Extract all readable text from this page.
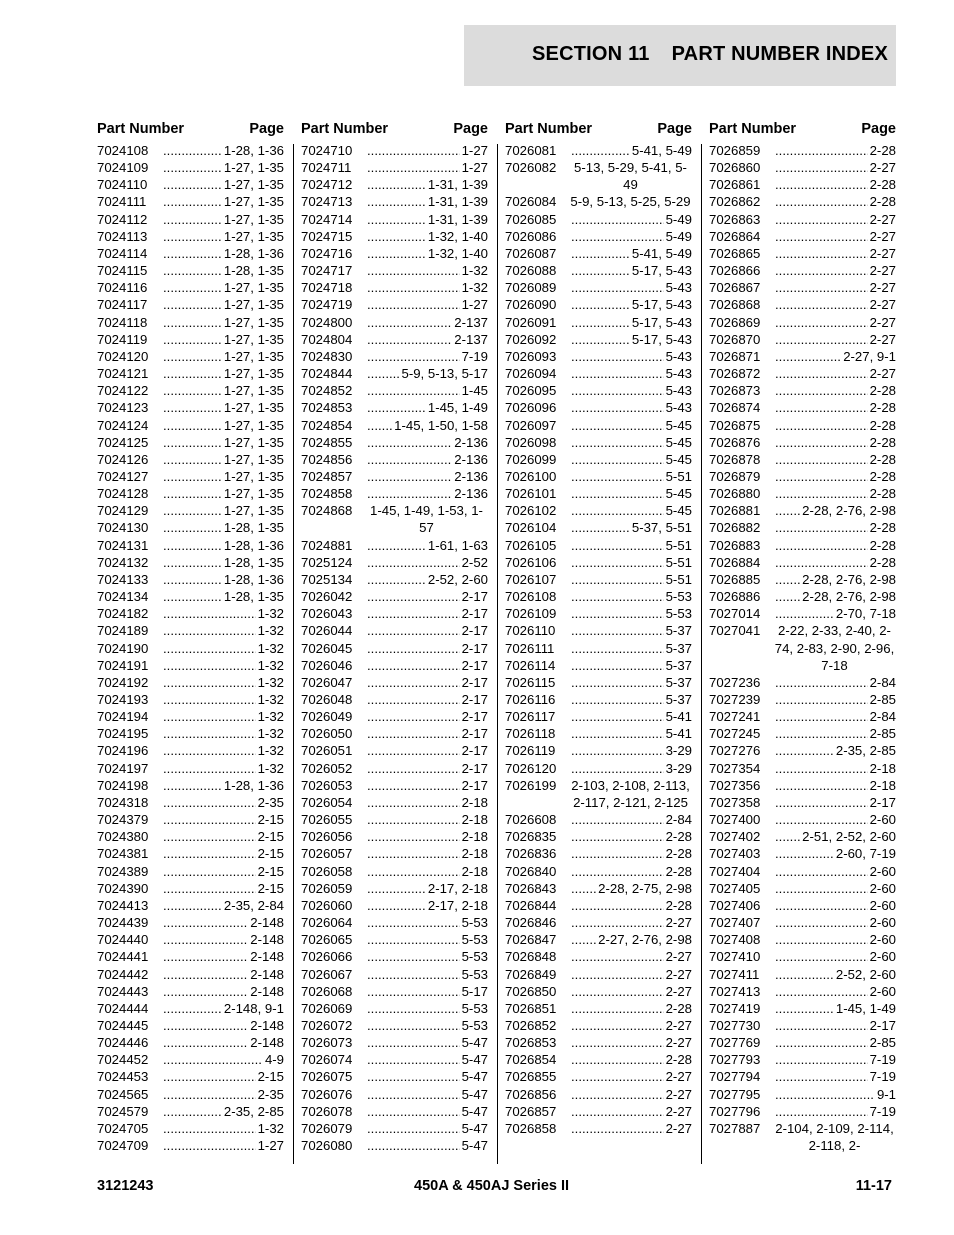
SECTION 11 PART NUMBER INDEX
Part Number	Page
7024108	..... 1-28, 1-36
7024109	..... 1-27, 1-35
7024110	..... 1-27, 1-35
7024111	..... 1-27, 1-35
7024112	..... 1-27, 1-35
7024113	..... 1-27, 1-35
7024114	..... 1-28, 1-36
7024115	..... 1-28, 1-35
7024116	..... 1-27, 1-35
7024117	..... 1-27, 1-35
7024118	..... 1-27, 1-35
7024119	..... 1-27, 1-35
7024120	..... 1-27, 1-35
7024121	..... 1-27, 1-35
7024122	..... 1-27, 1-35
7024123	..... 1-27, 1-35
7024124	..... 1-27, 1-35
7024125	..... 1-27, 1-35
7024126	..... 1-27, 1-35
7024127	..... 1-27, 1-35
7024128	..... 1-27, 1-35
7024129	..... 1-27, 1-35
7024130	..... 1-28, 1-35
7024131	..... 1-28, 1-36
7024132	..... 1-28, 1-35
7024133	..... 1-28, 1-36
7024134	..... 1-28, 1-35
7024182	..... 1-32
7024189	..... 1-32
7024190	..... 1-32
7024191	..... 1-32
7024192	..... 1-32
7024193	..... 1-32
7024194	..... 1-32
7024195	..... 1-32
7024196	..... 1-32
7024197	..... 1-32
7024198	..... 1-28, 1-36
7024318	..... 2-35
7024379	..... 2-15
7024380	..... 2-15
7024381	..... 2-15
7024389	..... 2-15
7024390	..... 2-15
7024413	..... 2-35, 2-84
7024439	..... 2-148
7024440	..... 2-148
7024441	..... 2-148
7024442	..... 2-148
7024443	..... 2-148
7024444	..... 2-148, 9-1
7024445	..... 2-148
7024446	..... 2-148
7024452	..... 4-9
7024453	..... 2-15
7024565	..... 2-35
7024579	..... 2-35, 2-85
7024705	..... 1-32
7024709	..... 1-27
Part Number	Page
7024710	..... 1-27
7024711	..... 1-27
7024712	..... 1-31, 1-39
7024713	..... 1-31, 1-39
7024714	..... 1-31, 1-39
7024715	..... 1-32, 1-40
7024716	..... 1-32, 1-40
7024717	..... 1-32
7024718	..... 1-32
7024719	..... 1-27
7024800	..... 2-137
7024804	..... 2-137
7024830	..... 7-19
7024844	..... 5-9, 5-13, 5-17
7024852	..... 1-45
7024853	..... 1-45, 1-49
7024854	..... 1-45, 1-50, 1-58
7024855	..... 2-136
7024856	..... 2-136
7024857	..... 2-136
7024858	..... 2-136
7024868	1-45, 1-49, 1-53, 1-57
7024881	..... 1-61, 1-63
7025124	..... 2-52
7025134	..... 2-52, 2-60
7026042	..... 2-17
7026043	..... 2-17
7026044	..... 2-17
7026045	..... 2-17
7026046	..... 2-17
7026047	..... 2-17
7026048	..... 2-17
7026049	..... 2-17
7026050	..... 2-17
7026051	..... 2-17
7026052	..... 2-17
7026053	..... 2-17
7026054	..... 2-18
7026055	..... 2-18
7026056	..... 2-18
7026057	..... 2-18
7026058	..... 2-18
7026059	..... 2-17, 2-18
7026060	..... 2-17, 2-18
7026064	..... 5-53
7026065	..... 5-53
7026066	..... 5-53
7026067	..... 5-53
7026068	..... 5-17
7026069	..... 5-53
7026072	..... 5-53
7026073	..... 5-47
7026074	..... 5-47
7026075	..... 5-47
7026076	..... 5-47
7026078	..... 5-47
7026079	..... 5-47
7026080	..... 5-47
Part Number	Page
7026081	..... 5-41, 5-49
7026082	5-13, 5-29, 5-41, 5-49
7026084	5-9, 5-13, 5-25, 5-29
7026085	..... 5-49
7026086	..... 5-49
7026087	..... 5-41, 5-49
7026088	..... 5-17, 5-43
7026089	..... 5-43
7026090	..... 5-17, 5-43
7026091	..... 5-17, 5-43
7026092	..... 5-17, 5-43
7026093	..... 5-43
7026094	..... 5-43
7026095	..... 5-43
7026096	..... 5-43
7026097	..... 5-45
7026098	..... 5-45
7026099	..... 5-45
7026100	..... 5-51
7026101	..... 5-45
7026102	..... 5-45
7026104	..... 5-37, 5-51
7026105	..... 5-51
7026106	..... 5-51
7026107	..... 5-51
7026108	..... 5-53
7026109	..... 5-53
7026110	..... 5-37
7026111	..... 5-37
7026114	..... 5-37
7026115	..... 5-37
7026116	..... 5-37
7026117	..... 5-41
7026118	..... 5-41
7026119	..... 3-29
7026120	..... 3-29
7026199	2-103, 2-108, 2-113, 2-117, 2-121, 2-125
7026608	..... 2-84
7026835	..... 2-28
7026836	..... 2-28
7026840	..... 2-28
7026843	..... 2-28, 2-75, 2-98
7026844	..... 2-28
7026846	..... 2-27
7026847	..... 2-27, 2-76, 2-98
7026848	..... 2-27
7026849	..... 2-27
7026850	..... 2-27
7026851	..... 2-28
7026852	..... 2-27
7026853	..... 2-27
7026854	..... 2-28
7026855	..... 2-27
7026856	..... 2-27
7026857	..... 2-27
7026858	..... 2-27
Part Number	Page
7026859	..... 2-28
7026860	..... 2-27
7026861	..... 2-28
7026862	..... 2-28
7026863	..... 2-27
7026864	..... 2-27
7026865	..... 2-27
7026866	..... 2-27
7026867	..... 2-27
7026868	..... 2-27
7026869	..... 2-27
7026870	..... 2-27
7026871	..... 2-27, 9-1
7026872	..... 2-27
7026873	..... 2-28
7026874	..... 2-28
7026875	..... 2-28
7026876	..... 2-28
7026878	..... 2-28
7026879	..... 2-28
7026880	..... 2-28
7026881	..... 2-28, 2-76, 2-98
7026882	..... 2-28
7026883	..... 2-28
7026884	..... 2-28
7026885	..... 2-28, 2-76, 2-98
7026886	..... 2-28, 2-76, 2-98
7027014	..... 2-70, 7-18
7027041	2-22, 2-33, 2-40, 2-74, 2-83, 2-90, 2-96, 7-18
7027236	..... 2-84
7027239	..... 2-85
7027241	..... 2-84
7027245	..... 2-85
7027276	..... 2-35, 2-85
7027354	..... 2-18
7027356	..... 2-18
7027358	..... 2-17
7027400	..... 2-60
7027402	..... 2-51, 2-52, 2-60
7027403	..... 2-60, 7-19
7027404	..... 2-60
7027405	..... 2-60
7027406	..... 2-60
7027407	..... 2-60
7027408	..... 2-60
7027410	..... 2-60
7027411	..... 2-52, 2-60
7027413	..... 2-60
7027419	..... 1-45, 1-49
7027730	..... 2-17
7027769	..... 2-85
7027793	..... 7-19
7027794	..... 7-19
7027795	..... 9-1
7027796	..... 7-19
7027887	2-104, 2-109, 2-114, 2-118, 2-
3121243	450A & 450AJ Series II	11-17
